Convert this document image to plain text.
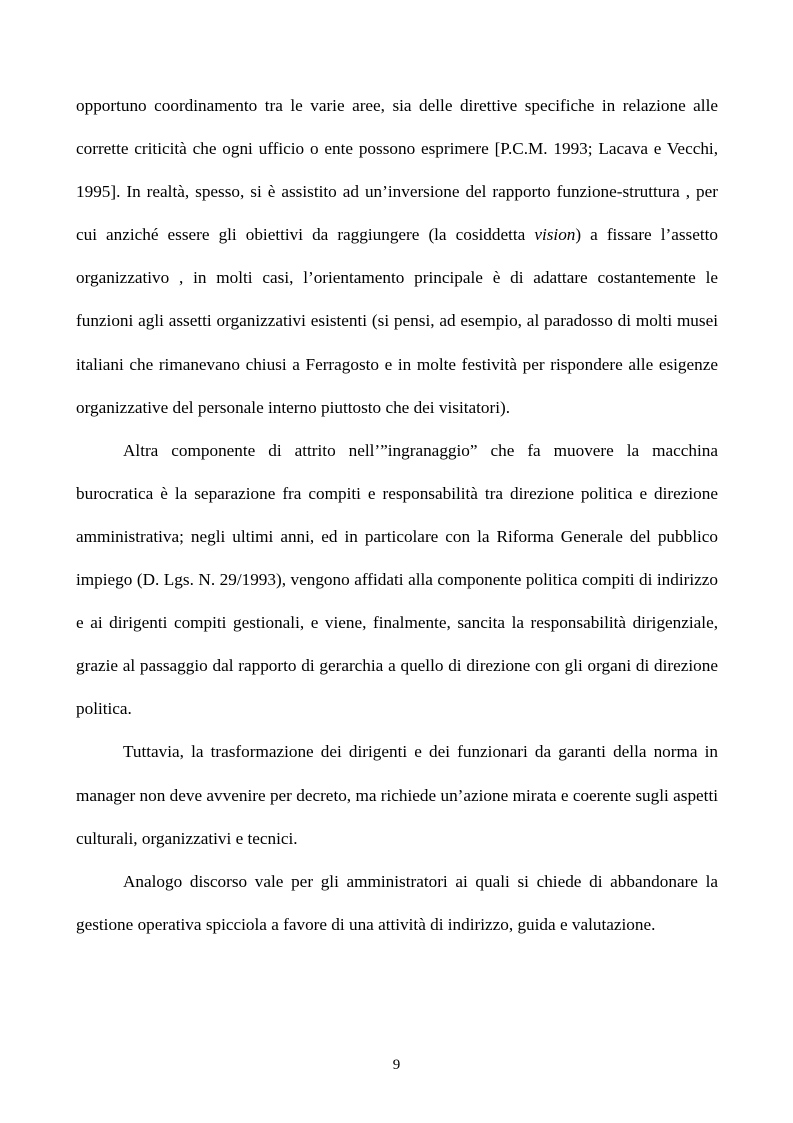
opportuno coordinamento tra le varie aree, sia delle direttive specifiche in relazione alle corrette criticità che ogni ufficio o ente possono esprimere [P.C.M. 1993; Lacava e Vecchi, 1995]. In realtà, spesso, si è assistito ad un’inversione del rapporto funzione-struttura , per cui anziché essere gli obiettivi da raggiungere (la cosiddetta vision) a fissare l’assetto organizzativo , in molti casi, l’orientamento principale è di adattare costantemente le funzioni agli assetti organizzativi esistenti (si pensi, ad esempio, al paradosso di molti musei italiani che rimanevano chiusi a Ferragosto e in molte festività per rispondere alle esigenze organizzative del personale interno piuttosto che dei visitatori).

Altra componente di attrito nell’”ingranaggio” che fa muovere la macchina burocratica è la separazione fra compiti e responsabilità tra direzione politica e direzione amministrativa; negli ultimi anni, ed in particolare con la Riforma Generale del pubblico impiego (D. Lgs. N. 29/1993), vengono affidati alla componente politica compiti di indirizzo e ai dirigenti compiti gestionali, e viene, finalmente, sancita la responsabilità dirigenziale, grazie al passaggio dal rapporto di gerarchia a quello di direzione con gli organi di direzione politica.

Tuttavia, la trasformazione dei dirigenti e dei funzionari da garanti della norma in manager non deve avvenire per decreto, ma richiede un’azione mirata e coerente sugli aspetti culturali, organizzativi e tecnici.

Analogo discorso vale per gli amministratori ai quali si chiede di abbandonare la gestione operativa spicciola a favore di una attività di indirizzo, guida e valutazione.

9
